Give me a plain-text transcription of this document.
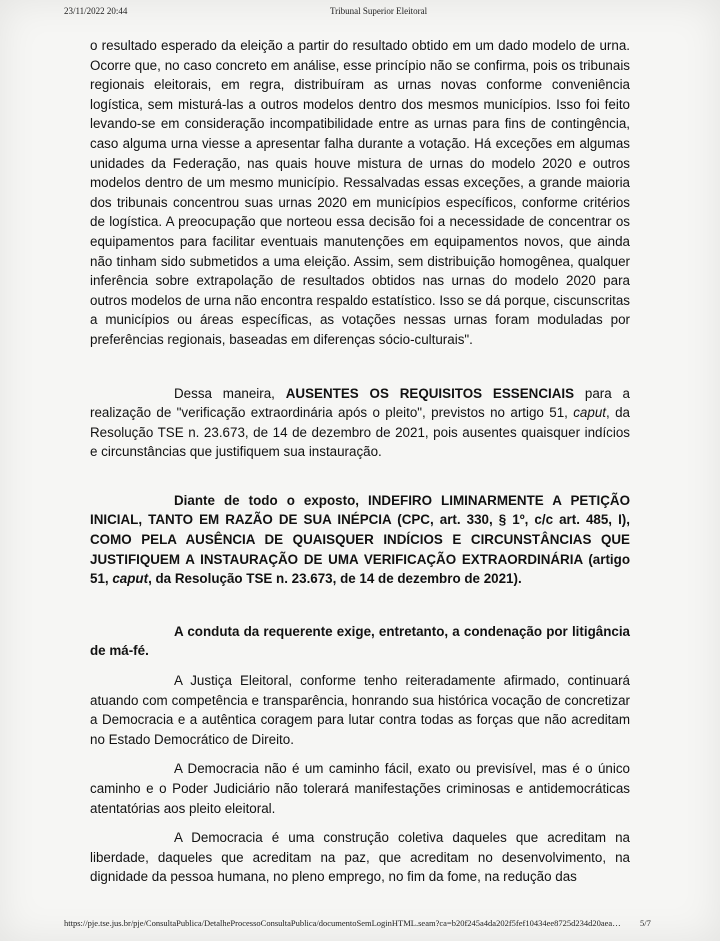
23/11/2022 20:44	Tribunal Superior Eleitoral

o resultado esperado da eleição a partir do resultado obtido em um dado modelo de urna. Ocorre que, no caso concreto em análise, esse princípio não se confirma, pois os tribunais regionais eleitorais, em regra, distribuíram as urnas novas conforme conveniência logística, sem misturá-las a outros modelos dentro dos mesmos municípios. Isso foi feito levando-se em consideração incompatibilidade entre as urnas para fins de contingência, caso alguma urna viesse a apresentar falha durante a votação. Há exceções em algumas unidades da Federação, nas quais houve mistura de urnas do modelo 2020 e outros modelos dentro de um mesmo município. Ressalvadas essas exceções, a grande maioria dos tribunais concentrou suas urnas 2020 em municípios específicos, conforme critérios de logística. A preocupação que norteou essa decisão foi a necessidade de concentrar os equipamentos para facilitar eventuais manutenções em equipamentos novos, que ainda não tinham sido submetidos a uma eleição. Assim, sem distribuição homogênea, qualquer inferência sobre extrapolação de resultados obtidos nas urnas do modelo 2020 para outros modelos de urna não encontra respaldo estatístico. Isso se dá porque, ciscunscritas a municípios ou áreas específicas, as votações nessas urnas foram moduladas por preferências regionais, baseadas em diferenças sócio-culturais".

Dessa maneira, AUSENTES OS REQUISITOS ESSENCIAIS para a realização de "verificação extraordinária após o pleito", previstos no artigo 51, caput, da Resolução TSE n. 23.673, de 14 de dezembro de 2021, pois ausentes quaisquer indícios e circunstâncias que justifiquem sua instauração.

Diante de todo o exposto, INDEFIRO LIMINARMENTE A PETIÇÃO INICIAL, TANTO EM RAZÃO DE SUA INÉPCIA (CPC, art. 330, § 1º, c/c art. 485, I), COMO PELA AUSÊNCIA DE QUAISQUER INDÍCIOS E CIRCUNSTÂNCIAS QUE JUSTIFIQUEM A INSTAURAÇÃO DE UMA VERIFICAÇÃO EXTRAORDINÁRIA (artigo 51, caput, da Resolução TSE n. 23.673, de 14 de dezembro de 2021).

A conduta da requerente exige, entretanto, a condenação por litigância de má-fé.

A Justiça Eleitoral, conforme tenho reiteradamente afirmado, continuará atuando com competência e transparência, honrando sua histórica vocação de concretizar a Democracia e a autêntica coragem para lutar contra todas as forças que não acreditam no Estado Democrático de Direito.

A Democracia não é um caminho fácil, exato ou previsível, mas é o único caminho e o Poder Judiciário não tolerará manifestações criminosas e antidemocráticas atentatórias aos pleito eleitoral.

A Democracia é uma construção coletiva daqueles que acreditam na liberdade, daqueles que acreditam na paz, que acreditam no desenvolvimento, na dignidade da pessoa humana, no pleno emprego, no fim da fome, na redução das

https://pje.tse.jus.br/pje/ConsultaPublica/DetalheProcessoConsultaPublica/documentoSemLoginHTML.seam?ca=b20f245a4da202f5fef10434ee8725d234d20aea… 5/7
